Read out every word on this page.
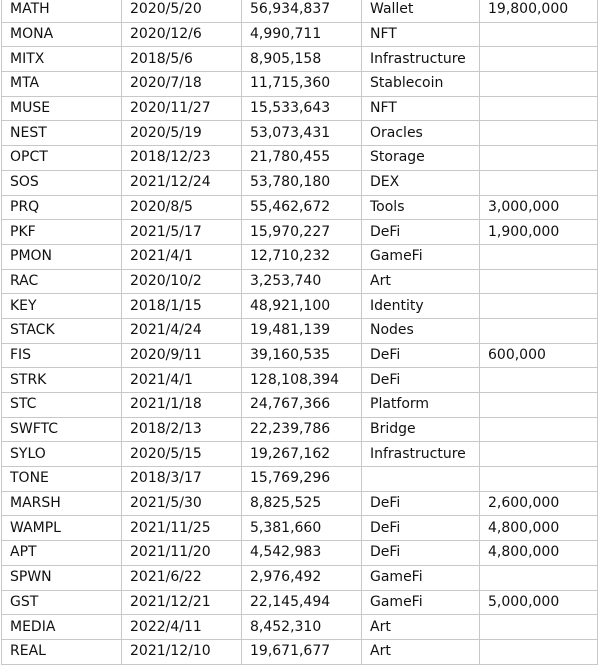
MATH	2020/5/20	56,934,837	Wallet	19,800,000
MONA	2020/12/6	4,990,711	NFT	
MITX	2018/5/6	8,905,158	Infrastructure	
MTA	2020/7/18	11,715,360	Stablecoin	
MUSE	2020/11/27	15,533,643	NFT	
NEST	2020/5/19	53,073,431	Oracles	
OPCT	2018/12/23	21,780,455	Storage	
SOS	2021/12/24	53,780,180	DEX	
PRQ	2020/8/5	55,462,672	Tools	3,000,000
PKF	2021/5/17	15,970,227	DeFi	1,900,000
PMON	2021/4/1	12,710,232	GameFi	
RAC	2020/10/2	3,253,740	Art	
KEY	2018/1/15	48,921,100	Identity	
STACK	2021/4/24	19,481,139	Nodes	
FIS	2020/9/11	39,160,535	DeFi	600,000
STRK	2021/4/1	128,108,394	DeFi	
STC	2021/1/18	24,767,366	Platform	
SWFTC	2018/2/13	22,239,786	Bridge	
SYLO	2020/5/15	19,267,162	Infrastructure	
TONE	2018/3/17	15,769,296		
MARSH	2021/5/30	8,825,525	DeFi	2,600,000
WAMPL	2021/11/25	5,381,660	DeFi	4,800,000
APT	2021/11/20	4,542,983	DeFi	4,800,000
SPWN	2021/6/22	2,976,492	GameFi	
GST	2021/12/21	22,145,494	GameFi	5,000,000
MEDIA	2022/4/11	8,452,310	Art	
REAL	2021/12/10	19,671,677	Art	
